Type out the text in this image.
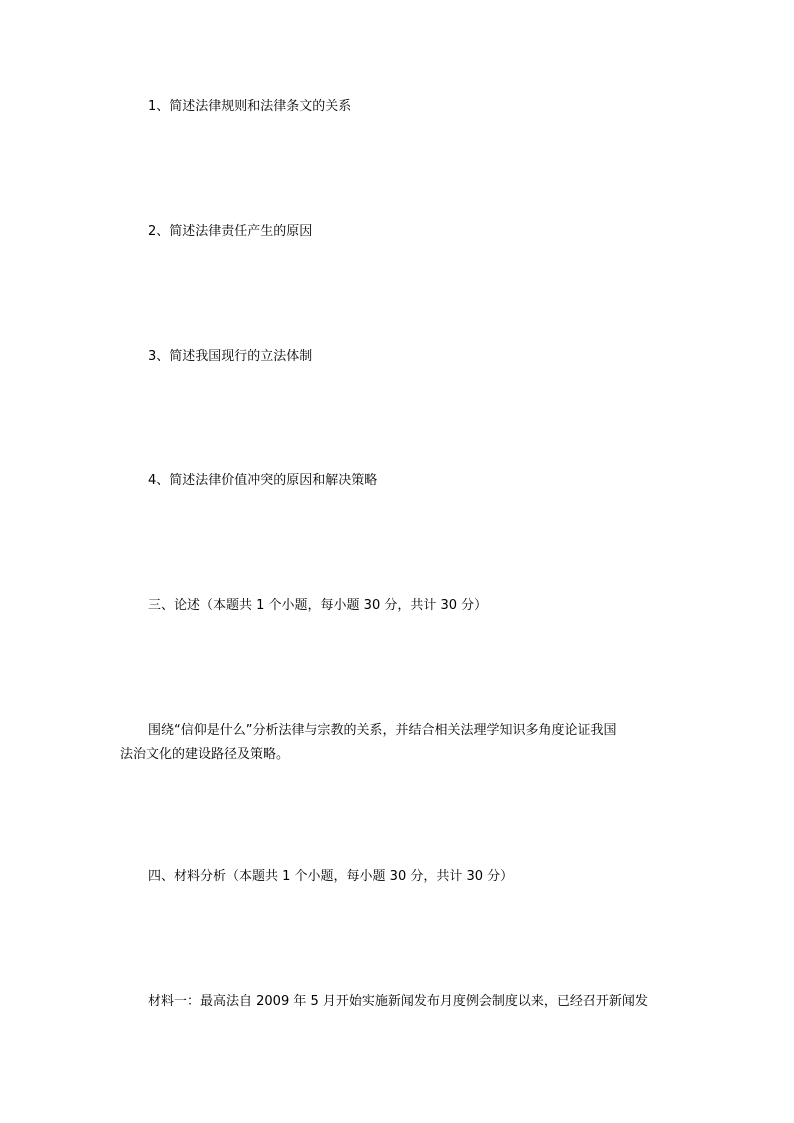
1、简述法律规则和法律条文的关系
2、简述法律责任产生的原因
3、简述我国现行的立法体制
4、简述法律价值冲突的原因和解决策略
三、论述（本题共 1 个小题，每小题 30 分，共计 30 分）
围绕“信仰是什么”分析法律与宗教的关系，并结合相关法理学知识多角度论证我国
法治文化的建设路径及策略。
四、材料分析（本题共 1 个小题，每小题 30 分，共计 30 分）
材料一：最高法自 2009 年 5 月开始实施新闻发布月度例会制度以来，已经召开新闻发
